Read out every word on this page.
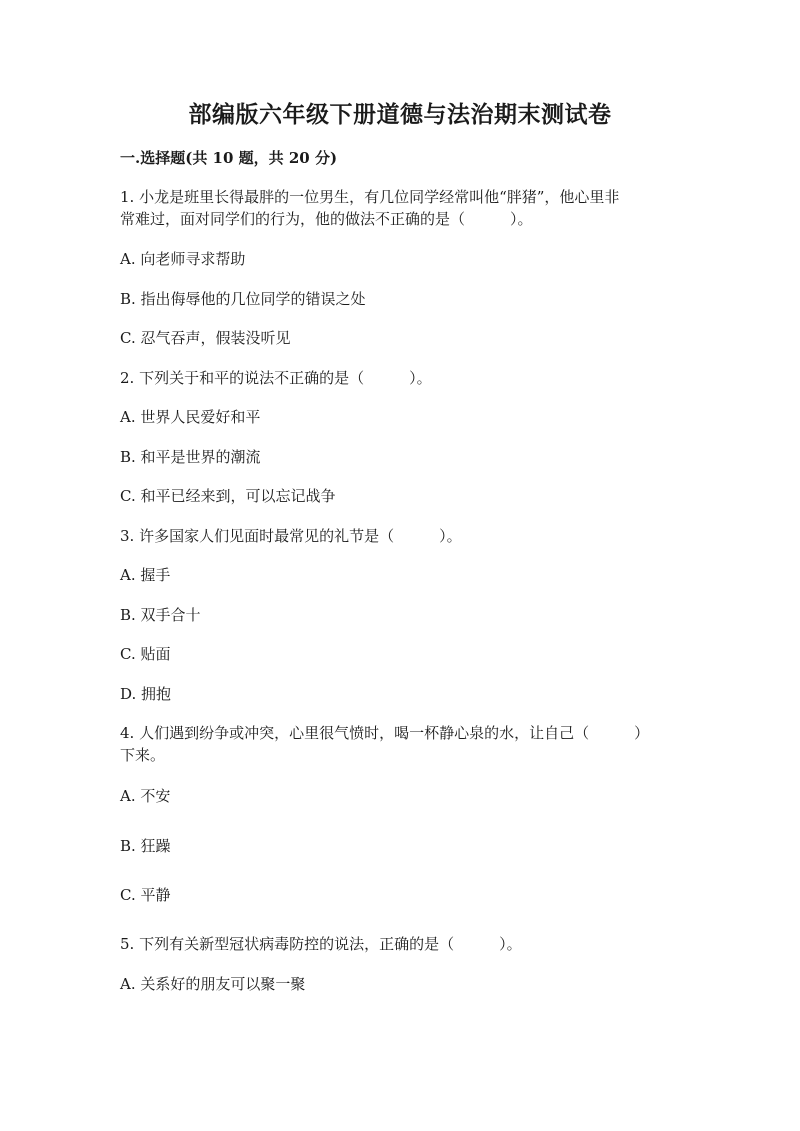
部编版六年级下册道德与法治期末测试卷
一.选择题(共 10 题，共 20 分)
1. 小龙是班里长得最胖的一位男生，有几位同学经常叫他“胖猪”，他心里非
常难过，面对同学们的行为，他的做法不正确的是（　　　）。
A. 向老师寻求帮助
B. 指出侮辱他的几位同学的错误之处
C. 忍气吞声，假装没听见
2. 下列关于和平的说法不正确的是（　　　）。
A. 世界人民爱好和平
B. 和平是世界的潮流
C. 和平已经来到，可以忘记战争
3. 许多国家人们见面时最常见的礼节是（　　　）。
A. 握手
B. 双手合十
C. 贴面
D. 拥抱
4. 人们遇到纷争或冲突，心里很气愤时，喝一杯静心泉的水，让自己（　　　）
下来。
A. 不安
B. 狂躁
C. 平静
5. 下列有关新型冠状病毒防控的说法，正确的是（　　　）。
A. 关系好的朋友可以聚一聚
